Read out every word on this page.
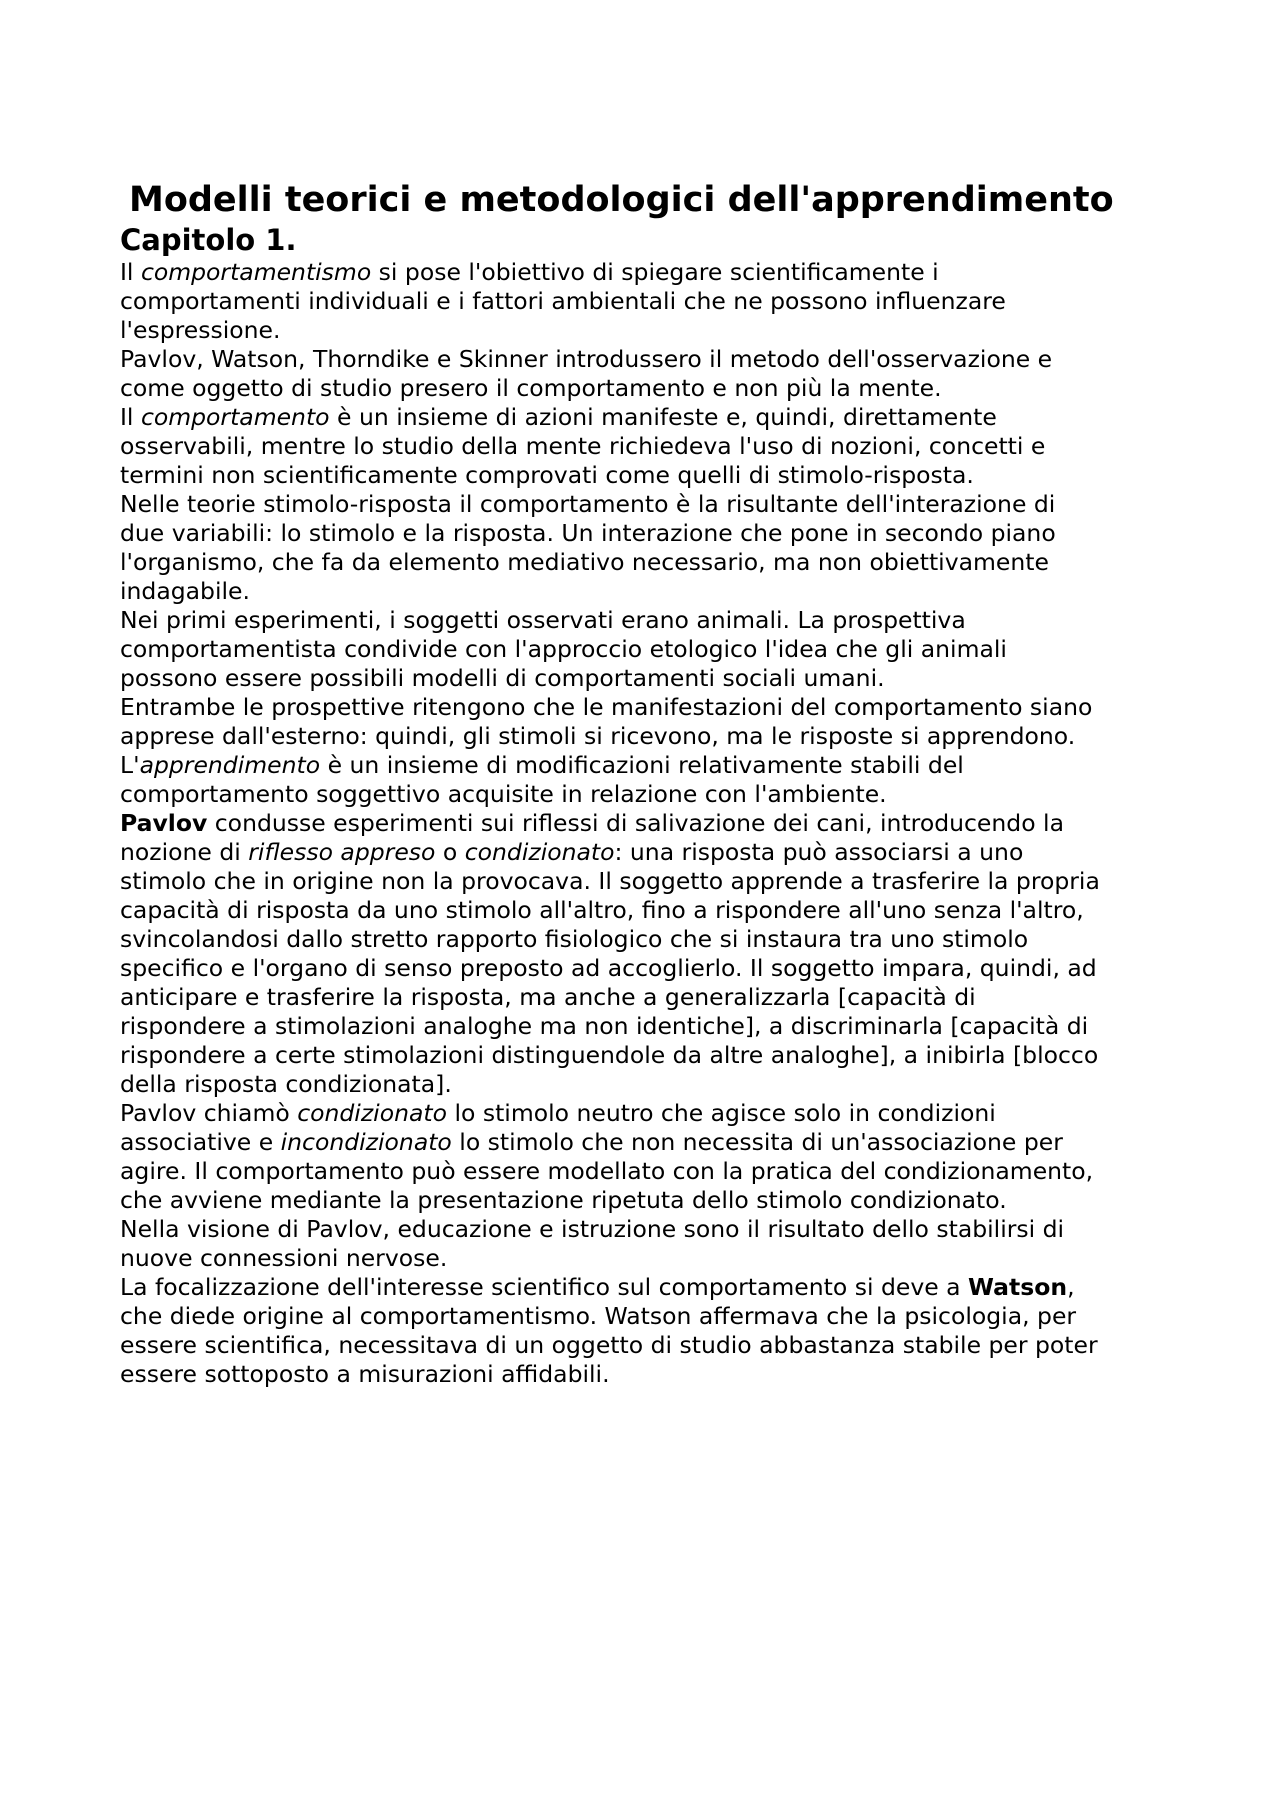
Modelli teorici e metodologici dell'apprendimento
Capitolo 1.
Il comportamentismo si pose l'obiettivo di spiegare scientificamente i
comportamenti individuali e i fattori ambientali che ne possono influenzare
l'espressione.
Pavlov, Watson, Thorndike e Skinner introdussero il metodo dell'osservazione e
come oggetto di studio presero il comportamento e non più la mente.
Il comportamento è un insieme di azioni manifeste e, quindi, direttamente
osservabili, mentre lo studio della mente richiedeva l'uso di nozioni, concetti e
termini non scientificamente comprovati come quelli di stimolo-risposta.
Nelle teorie stimolo-risposta il comportamento è la risultante dell'interazione di
due variabili: lo stimolo e la risposta. Un interazione che pone in secondo piano
l'organismo, che fa da elemento mediativo necessario, ma non obiettivamente
indagabile.
Nei primi esperimenti, i soggetti osservati erano animali. La prospettiva
comportamentista condivide con l'approccio etologico l'idea che gli animali
possono essere possibili modelli di comportamenti sociali umani.
Entrambe le prospettive ritengono che le manifestazioni del comportamento siano
apprese dall'esterno: quindi, gli stimoli si ricevono, ma le risposte si apprendono.
L'apprendimento è un insieme di modificazioni relativamente stabili del
comportamento soggettivo acquisite in relazione con l'ambiente.
Pavlov condusse esperimenti sui riflessi di salivazione dei cani, introducendo la
nozione di riflesso appreso o condizionato: una risposta può associarsi a uno
stimolo che in origine non la provocava. Il soggetto apprende a trasferire la propria
capacità di risposta da uno stimolo all'altro, fino a rispondere all'uno senza l'altro,
svincolandosi dallo stretto rapporto fisiologico che si instaura tra uno stimolo
specifico e l'organo di senso preposto ad accoglierlo. Il soggetto impara, quindi, ad
anticipare e trasferire la risposta, ma anche a generalizzarla [capacità di
rispondere a stimolazioni analoghe ma non identiche], a discriminarla [capacità di
rispondere a certe stimolazioni distinguendole da altre analoghe], a inibirla [blocco
della risposta condizionata].
Pavlov chiamò condizionato lo stimolo neutro che agisce solo in condizioni
associative e incondizionato lo stimolo che non necessita di un'associazione per
agire. Il comportamento può essere modellato con la pratica del condizionamento,
che avviene mediante la presentazione ripetuta dello stimolo condizionato.
Nella visione di Pavlov, educazione e istruzione sono il risultato dello stabilirsi di
nuove connessioni nervose.
La focalizzazione dell'interesse scientifico sul comportamento si deve a Watson,
che diede origine al comportamentismo. Watson affermava che la psicologia, per
essere scientifica, necessitava di un oggetto di studio abbastanza stabile per poter
essere sottoposto a misurazioni affidabili.
